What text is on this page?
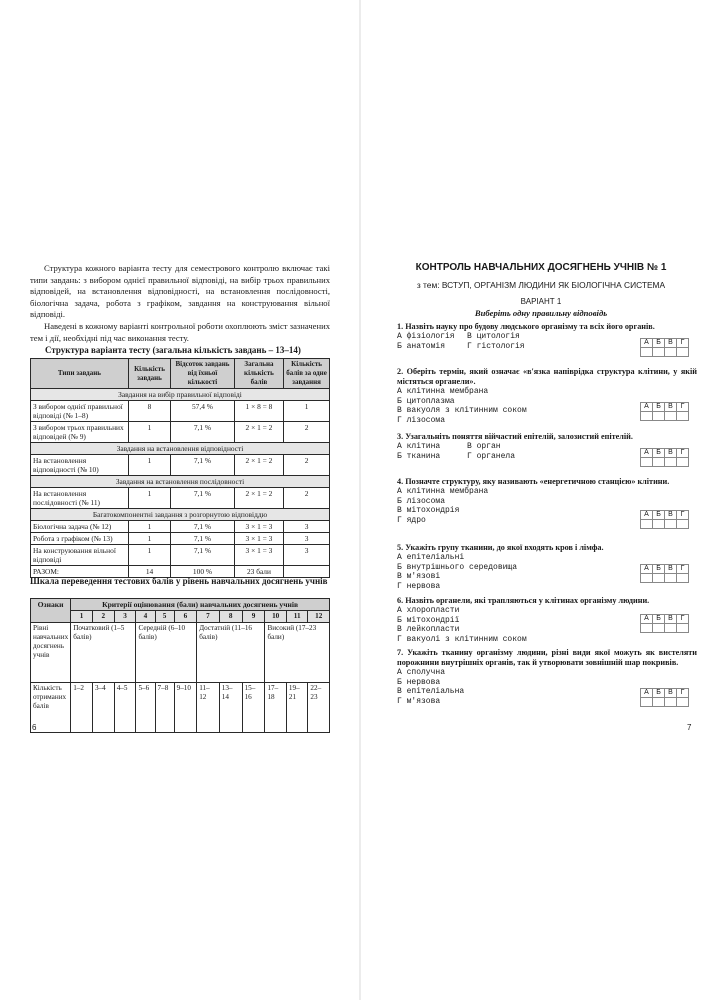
Структура кожного варіанта тесту для семестрового контролю включає такі типи завдань: з вибором однієї правильної відповіді, на вибір трьох правильних відповідей, на встановлення відповідності, на встановлення послідовності, біологічна задача, робота з графіком, завдання на конструювання вільної відповіді.

Наведені в кожному варіанті контрольної роботи охоплюють зміст зазначених тем і дії, необхідні під час виконання тесту.

Структура варіанта тесту (загальна кількість завдань – 13–14)

Типи завдань	Кількість завдань	Відсоток завдань від їхньої кількості	Загальна кількість балів	Кількість балів за одне завдання
Завдання на вибір правильної відповіді				
З вибором однієї правильної відповіді (№ 1–8)	8	57,4 %	1 × 8 = 8	1
З вибором трьох правильних відповідей (№ 9)	1	7,1 %	2 × 1 = 2	2
Завдання на встановлення відповідності				
На встановлення відповідності (№ 10)	1	7,1 %	2 × 1 = 2	2
Завдання на встановлення послідовності				
На встановлення послідовності (№ 11)	1	7,1 %	2 × 1 = 2	2
Багатокомпонентні завдання з розгорнутою відповіддю				
Біологічна задача (№ 12)	1	7,1 %	3 × 1 = 3	3
Робота з графіком (№ 13)	1	7,1 %	3 × 1 = 3	3
На конструювання вільної відповіді	1	7,1 %	3 × 1 = 3	3
РАЗОМ:	14	100 %	23 бали	

Шкала переведення тестових балів у рівень навчальних досягнень учнів

Ознаки	Критерії оцінювання (бали) навчальних досягнень учнів											
	1	2	3	4	5	6	7	8	9	10	11	12
Рівні навчальних досягнень учнів	Початковий (1–5 балів)			Середній (6–10 балів)			Достатній (11–16 балів)			Високий (17–23 бали)		
Кількість отриманих балів	1–2	3–4	4–5	5–6	7–8	9–10	11–12	13–14	15–16	17–18	19–21	22–23
6

КОНТРОЛЬ НАВЧАЛЬНИХ ДОСЯГНЕНЬ УЧНІВ № 1

з тем: ВСТУП, ОРГАНІЗМ ЛЮДИНИ ЯК БІОЛОГІЧНА СИСТЕМА

ВАРІАНТ 1

Виберіть одну правильну відповідь

1. Назвіть науку про будову людського організму та всіх його органів.

А фізіологія	В цитологія
Б анатомія	Г гістологія	А	Б	В	Г

2. Оберіть термін, який означає «в'язка напіврідка структура клітини, у якій містяться органели».

А клітинна мембрана

Б цитоплазма

В вакуоля з клітинним соком

Г лізосома

А	Б	В	Г

3. Узагальніть поняття війчастий епітелій, залозистий епітелій.

А клітина	В орган
Б тканина	Г органела	А	Б	В	Г

4. Позначте структуру, яку називають «енергетичною станцією» клітини.

А клітинна мембрана

Б лізосома

В мітохондрія

Г ядро

А	Б	В	Г

5. Укажіть групу тканини, до якої входять кров і лімфа.

А епітеліальні

Б внутрішнього середовища

В м'язові

Г нервова

А	Б	В	Г

6. Назвіть органели, які трапляються у клітинах організму людини.

А хлоропласти

Б мітохондрії

В лейкопласти

Г вакуолі з клітинним соком

А	Б	В	Г

7. Укажіть тканину організму людини, різні види якої можуть як вистеляти порожнини внутрішніх органів, так й утворювати зовнішній шар покривів.

А сполучна

Б нервова

В епітеліальна

Г м'язова

А	Б	В	Г

7
